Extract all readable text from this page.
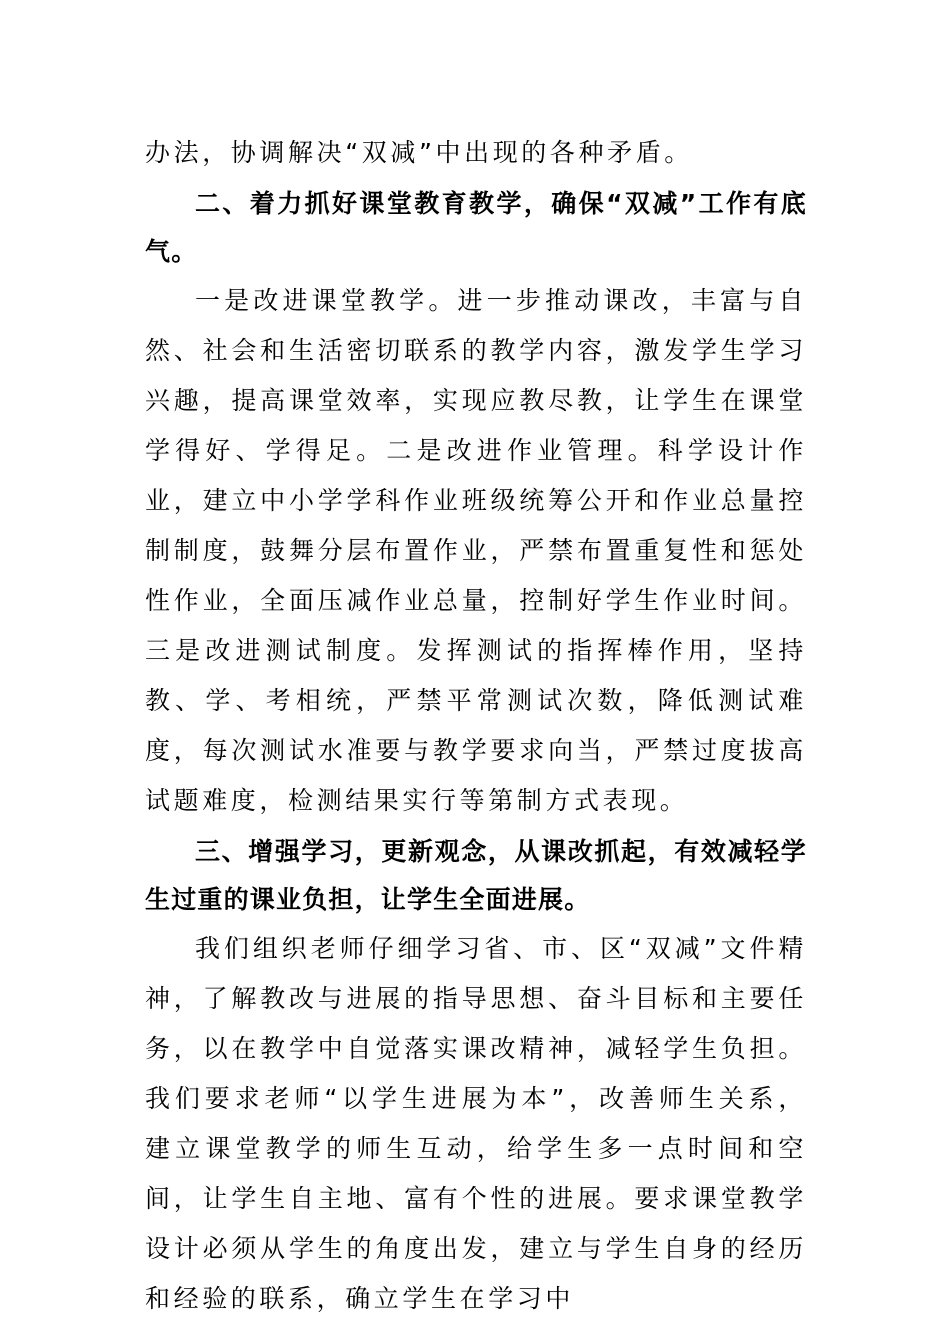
办法，协调解决“双减”中出现的各种矛盾。

二、着力抓好课堂教育教学，确保“双减”工作有底气。

一是改进课堂教学。进一步推动课改，丰富与自然、社会和生活密切联系的教学内容，激发学生学习兴趣，提高课堂效率，实现应教尽教，让学生在课堂学得好、学得足。二是改进作业管理。科学设计作业，建立中小学学科作业班级统筹公开和作业总量控制制度，鼓舞分层布置作业，严禁布置重复性和惩处性作业，全面压减作业总量，控制好学生作业时间。三是改进测试制度。发挥测试的指挥棒作用，坚持教、学、考相统，严禁平常测试次数，降低测试难度，每次测试水准要与教学要求向当，严禁过度拔高试题难度，检测结果实行等第制方式表现。

三、增强学习，更新观念，从课改抓起，有效减轻学生过重的课业负担，让学生全面进展。

我们组织老师仔细学习省、市、区“双减”文件精神，了解教改与进展的指导思想、奋斗目标和主要任务，以在教学中自觉落实课改精神，减轻学生负担。我们要求老师“以学生进展为本”，改善师生关系，建立课堂教学的师生互动，给学生多一点时间和空间，让学生自主地、富有个性的进展。要求课堂教学设计必须从学生的角度出发，建立与学生自身的经历和经验的联系，确立学生在学习中
